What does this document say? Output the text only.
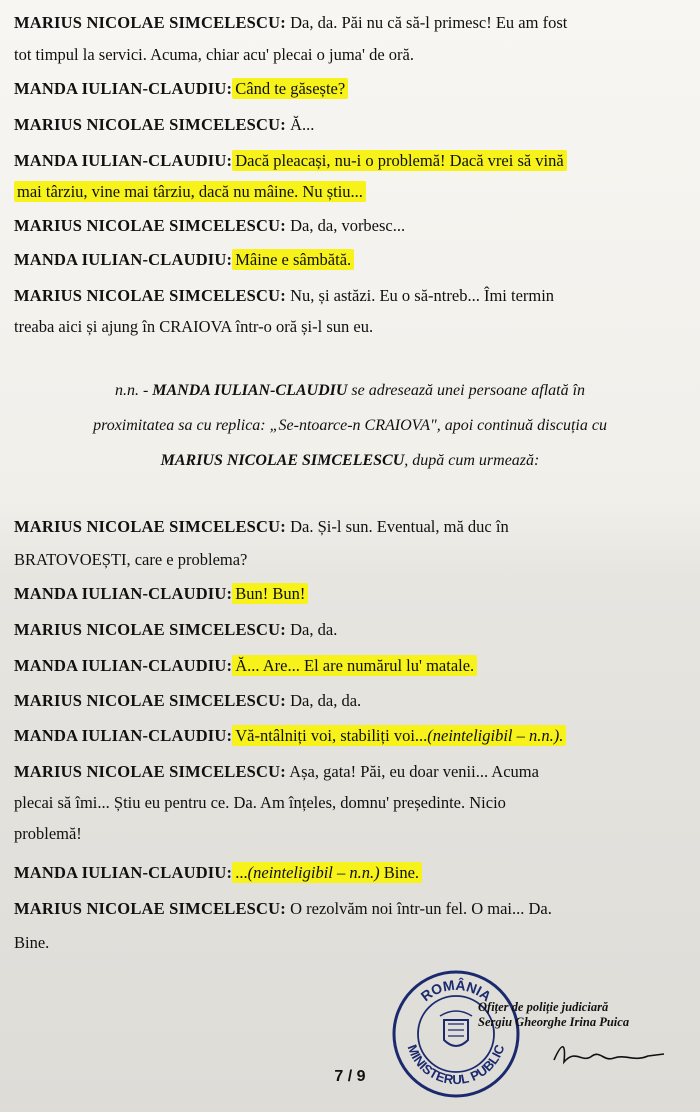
MARIUS NICOLAE SIMCELESCU: Da, da. Păi nu că să-l primesc! Eu am fost
tot timpul la servici. Acuma, chiar acu' plecai o juma' de oră.
MANDA IULIAN-CLAUDIU: Când te găsește?
MARIUS NICOLAE SIMCELESCU: Ă...
MANDA IULIAN-CLAUDIU: Dacă pleacași, nu-i o problemă! Dacă vrei să vină
mai târziu, vine mai târziu, dacă nu mâine. Nu știu...
MARIUS NICOLAE SIMCELESCU: Da, da, vorbesc...
MANDA IULIAN-CLAUDIU: Mâine e sâmbătă.
MARIUS NICOLAE SIMCELESCU: Nu, și astăzi. Eu o să-ntreb... Îmi termin
treaba aici și ajung în CRAIOVA într-o oră și-l sun eu.
n.n. - MANDA IULIAN-CLAUDIU se adresează unei persoane aflată în
proximitatea sa cu replica: „Se-ntoarce-n CRAIOVA", apoi continuă discuția cu
MARIUS NICOLAE SIMCELESCU, după cum urmează:
MARIUS NICOLAE SIMCELESCU: Da. Și-l sun. Eventual, mă duc în
BRATOVOEȘTI, care e problema?
MANDA IULIAN-CLAUDIU: Bun! Bun!
MARIUS NICOLAE SIMCELESCU: Da, da.
MANDA IULIAN-CLAUDIU: Ă... Are... El are numărul lu' matale.
MARIUS NICOLAE SIMCELESCU: Da, da, da.
MANDA IULIAN-CLAUDIU: Vă-ntâlniți voi, stabiliți voi...(neinteligibil – n.n.).
MARIUS NICOLAE SIMCELESCU: Așa, gata! Păi, eu doar venii... Acuma
plecai să îmi... Știu eu pentru ce. Da. Am înțeles, domnu' președinte. Nicio
problemă!
MANDA IULIAN-CLAUDIU: ...(neinteligibil – n.n.) Bine.
MARIUS NICOLAE SIMCELESCU: O rezolvăm noi într-un fel. O mai... Da.
Bine.
ROMÂNIA
MINISTERUL PUBLIC
Ofițer de poliție judiciară
Sergiu Gheorghe Irina Puica
7 / 9
